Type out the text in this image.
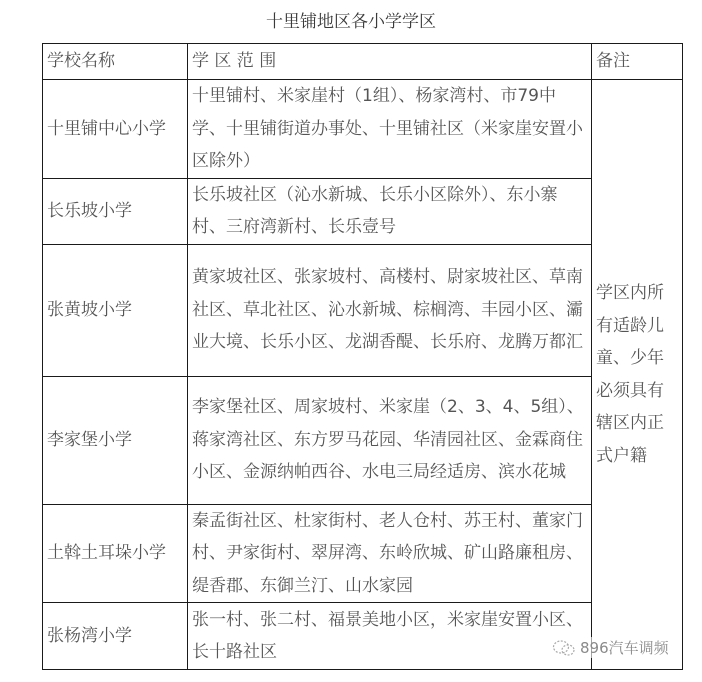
十里铺地区各小学学区
学校名称	学 区 范 围	备注
十里铺中心小学	十里铺村、米家崖村（1组）、杨家湾村、市79中学、十里铺街道办事处、十里铺社区（米家崖安置小区除外）	学区内所有适龄儿童、少年必须具有辖区内正式户籍
长乐坡小学	长乐坡社区（沁水新城、长乐小区除外）、东小寨村、三府湾新村、长乐壹号	
张黄坡小学	黄家坡社区、张家坡村、高楼村、尉家坡社区、草南社区、草北社区、沁水新城、棕榈湾、丰园小区、灞业大境、长乐小区、龙湖香醍、长乐府、龙腾万都汇	
李家堡小学	李家堡社区、周家坡村、米家崖（2、3、4、5组）、蒋家湾社区、东方罗马花园、华清园社区、金霖商住小区、金源纳帕西谷、水电三局经适房、滨水花城	
土斡土耳垛小学	秦孟街社区、杜家街村、老人仓村、苏王村、董家门村、尹家街村、翠屏湾、东岭欣城、矿山路廉租房、缇香郡、东御兰汀、山水家园	
张杨湾小学	张一村、张二村、福景美地小区，米家崖安置小区、长十路社区		896汽车调频
